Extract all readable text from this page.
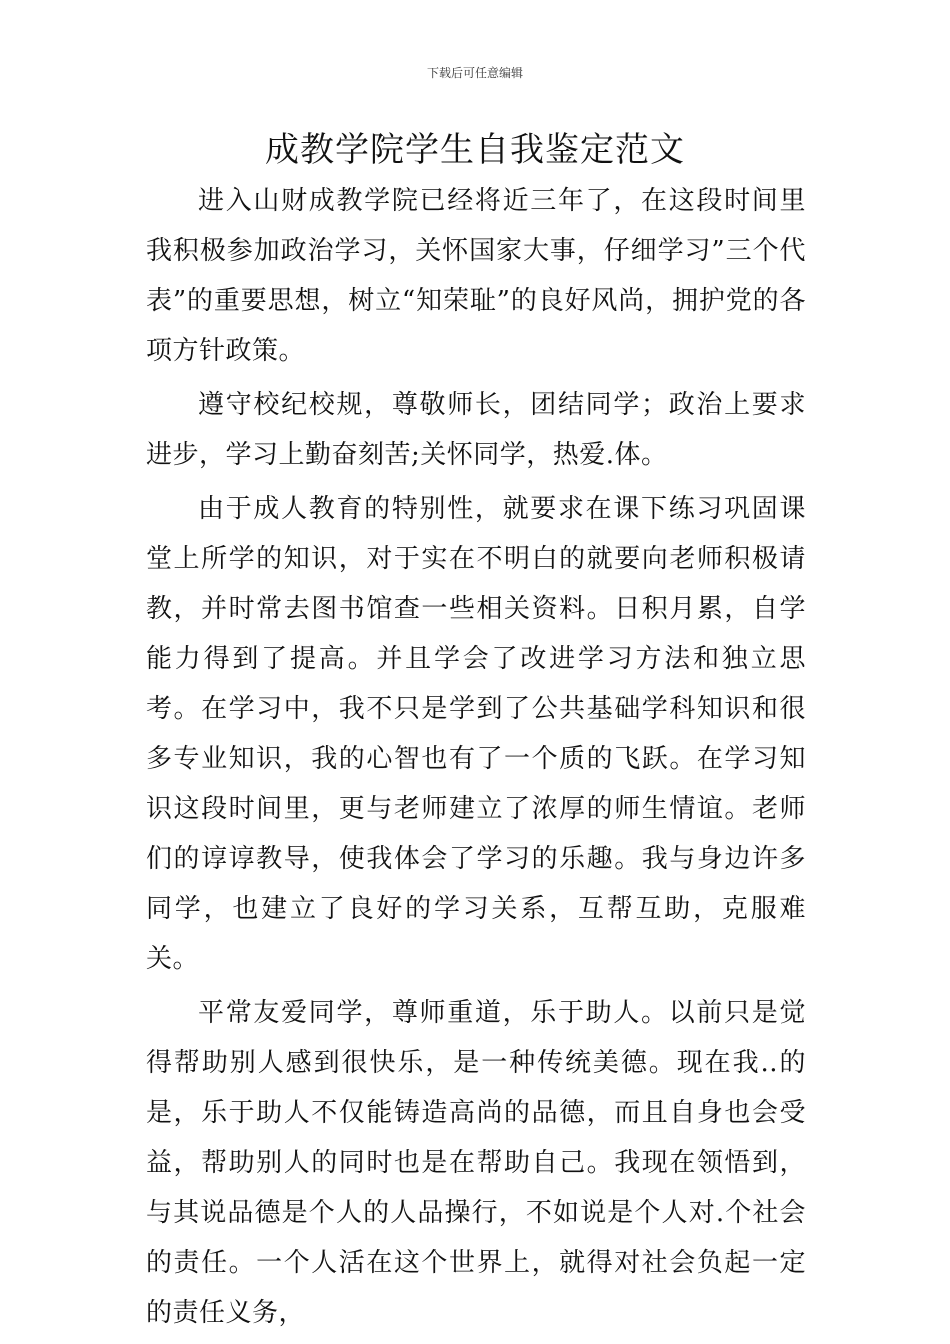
下载后可任意编辑
成教学院学生自我鉴定范文

进入山财成教学院已经将近三年了，在这段时间里我积极参加政治学习，关怀国家大事，仔细学习”三个代表”的重要思想，树立“知荣耻”的良好风尚，拥护党的各项方针政策。

遵守校纪校规，尊敬师长，团结同学；政治上要求进步，学习上勤奋刻苦;关怀同学，热爱.体。

由于成人教育的特别性，就要求在课下练习巩固课堂上所学的知识，对于实在不明白的就要向老师积极请教，并时常去图书馆查一些相关资料。日积月累，自学能力得到了提高。并且学会了改进学习方法和独立思考。在学习中，我不只是学到了公共基础学科知识和很多专业知识，我的心智也有了一个质的飞跃。在学习知识这段时间里，更与老师建立了浓厚的师生情谊。老师们的谆谆教导，使我体会了学习的乐趣。我与身边许多同学，也建立了良好的学习关系，互帮互助，克服难关。

平常友爱同学，尊师重道，乐于助人。以前只是觉得帮助别人感到很快乐，是一种传统美德。现在我..的是，乐于助人不仅能铸造高尚的品德，而且自身也会受益，帮助别人的同时也是在帮助自己。我现在领悟到，与其说品德是个人的人品操行，不如说是个人对.个社会的责任。一个人活在这个世界上，就得对社会负起一定的责任义务，
